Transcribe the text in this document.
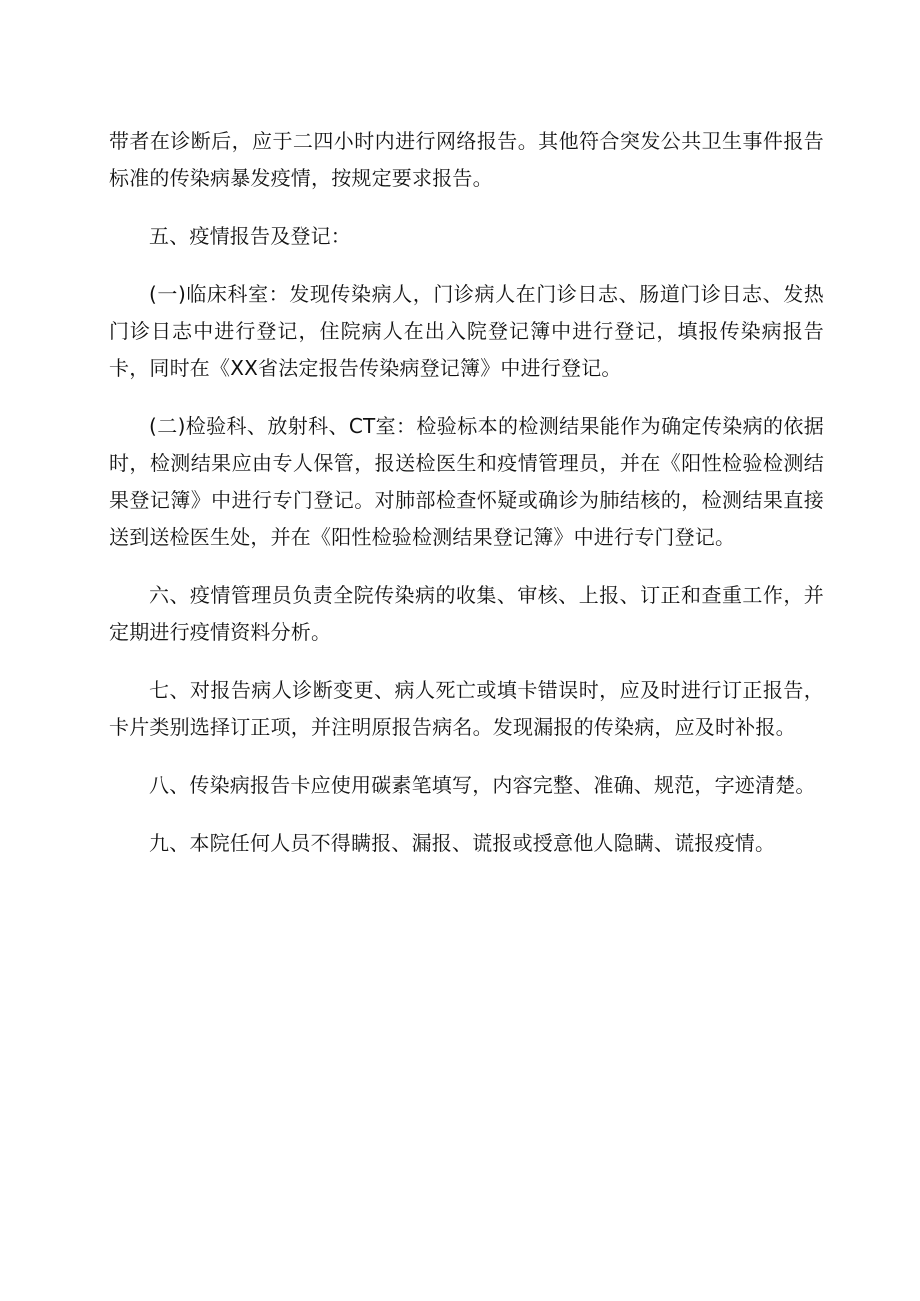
带者在诊断后，应于二四小时内进行网络报告。其他符合突发公共卫生事件报告标准的传染病暴发疫情，按规定要求报告。

五、疫情报告及登记：

(一)临床科室：发现传染病人，门诊病人在门诊日志、肠道门诊日志、发热门诊日志中进行登记，住院病人在出入院登记簿中进行登记，填报传染病报告卡，同时在《XX省法定报告传染病登记簿》中进行登记。

(二)检验科、放射科、CT室：检验标本的检测结果能作为确定传染病的依据时，检测结果应由专人保管，报送检医生和疫情管理员，并在《阳性检验检测结果登记簿》中进行专门登记。对肺部检查怀疑或确诊为肺结核的，检测结果直接送到送检医生处，并在《阳性检验检测结果登记簿》中进行专门登记。

六、疫情管理员负责全院传染病的收集、审核、上报、订正和查重工作，并定期进行疫情资料分析。

七、对报告病人诊断变更、病人死亡或填卡错误时，应及时进行订正报告，卡片类别选择订正项，并注明原报告病名。发现漏报的传染病，应及时补报。

八、传染病报告卡应使用碳素笔填写，内容完整、准确、规范，字迹清楚。

九、本院任何人员不得瞒报、漏报、谎报或授意他人隐瞒、谎报疫情。
